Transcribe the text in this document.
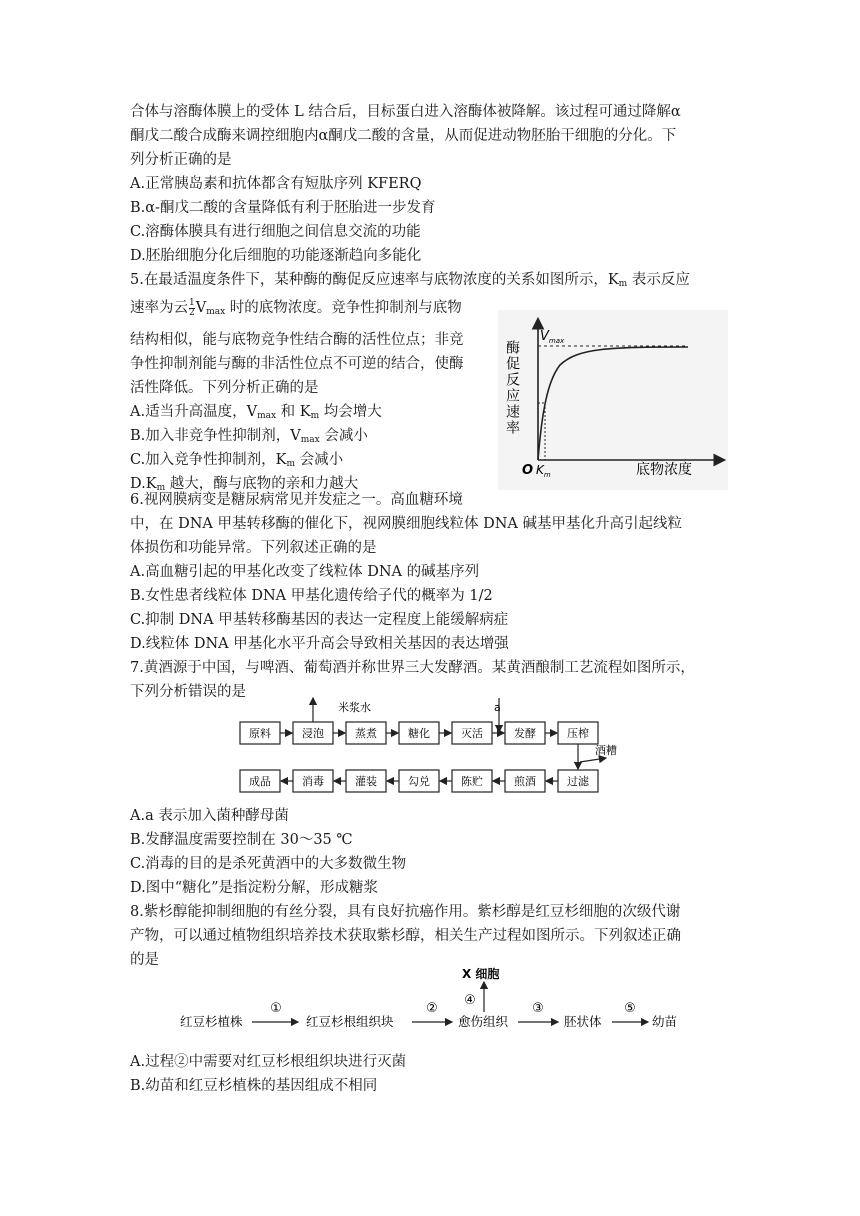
合体与溶酶体膜上的受体 L 结合后，目标蛋白进入溶酶体被降解。该过程可通过降解α
酮戊二酸合成酶来调控细胞内α酮戊二酸的含量，从而促进动物胚胎干细胞的分化。下
列分析正确的是
A.正常胰岛素和抗体都含有短肽序列 KFERQ
B.α-酮戊二酸的含量降低有利于胚胎进一步发育
C.溶酶体膜具有进行细胞之间信息交流的功能
D.胚胎细胞分化后细胞的功能逐渐趋向多能化
5.在最适温度条件下，某种酶的酶促反应速率与底物浓度的关系如图所示，$K_m$ 表示反应
速率为云 $\frac{1}{2} V_{max}$ 时的底物浓度。竞争性抑制剂与底物
结构相似，能与底物竞争性结合酶的活性位点；非竞
争性抑制剂能与酶的非活性位点不可逆的结合，使酶
活性降低。下列分析正确的是
A.适当升高温度，$V_{max}$ 和 $K_m$ 均会增大
B.加入非竞争性抑制剂，$V_{max}$ 会减小
C.加入竞争性抑制剂，$K_m$ 会减小
$D.K_m$ 越大，酶与底物的亲和力越大
$V_{max}$
酶促反应速率
O $K_m$	底物浓度
6.视网膜病变是糖尿病常见并发症之一。高血糖环境
中，在 DNA 甲基转移酶的催化下，视网膜细胞线粒体 DNA 碱基甲基化升高引起线粒
体损伤和功能异常。下列叙述正确的是
A.高血糖引起的甲基化改变了线粒体 DNA 的碱基序列
B.女性患者线粒体 DNA 甲基化遗传给子代的概率为 1/2
C.抑制 DNA 甲基转移酶基因的表达一定程度上能缓解病症
D.线粒体 DNA 甲基化水平升高会导致相关基因的表达增强
7.黄酒源于中国，与啤酒、葡萄酒并称世界三大发酵酒。某黄酒酿制工艺流程如图所示，
下列分析错误的是
原料	浸泡	蒸煮	糖化	灭活	发酵	压榨
成品	消毒	灌装	勾兑	陈贮	煎酒	过滤
米浆水	a
酒糟
A.a 表示加入菌种酵母菌
B.发酵温度需要控制在 30～35 ℃
C.消毒的目的是杀死黄酒中的大多数微生物
D.图中“糖化”是指淀粉分解，形成糖浆
8.紫杉醇能抑制细胞的有丝分裂，具有良好抗癌作用。紫杉醇是红豆杉细胞的次级代谢
产物，可以通过植物组织培养技术获取紫杉醇，相关生产过程如图所示。下列叙述正确
的是
红豆杉植株
①
红豆杉根组织块
②
愈伤组织
④
X 细胞
③
胚状体
⑤
幼苗
A.过程②中需要对红豆杉根组织块进行灭菌
B.幼苗和红豆杉植株的基因组成不相同
